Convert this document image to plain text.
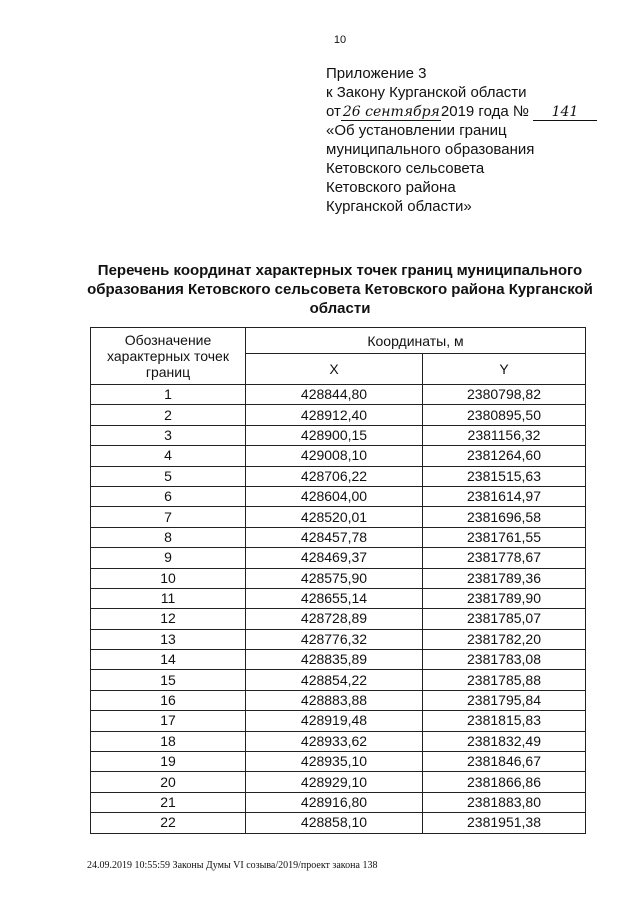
10
Приложение 3
к Закону Курганской области
от 26 сентября2019 года № 141
«Об установлении границ
муниципального образования
Кетовского сельсовета
Кетовского района
Курганской области»
Перечень координат характерных точек границ муниципального образования Кетовского сельсовета Кетовского района Курганской области
Обозначение характерных точек границ	Координаты, м	
	X	Y
1	428844,80	2380798,82
2	428912,40	2380895,50
3	428900,15	2381156,32
4	429008,10	2381264,60
5	428706,22	2381515,63
6	428604,00	2381614,97
7	428520,01	2381696,58
8	428457,78	2381761,55
9	428469,37	2381778,67
10	428575,90	2381789,36
11	428655,14	2381789,90
12	428728,89	2381785,07
13	428776,32	2381782,20
14	428835,89	2381783,08
15	428854,22	2381785,88
16	428883,88	2381795,84
17	428919,48	2381815,83
18	428933,62	2381832,49
19	428935,10	2381846,67
20	428929,10	2381866,86
21	428916,80	2381883,80
22	428858,10	2381951,38
24.09.2019 10:55:59 Законы Думы VI созыва/2019/проект закона 138
